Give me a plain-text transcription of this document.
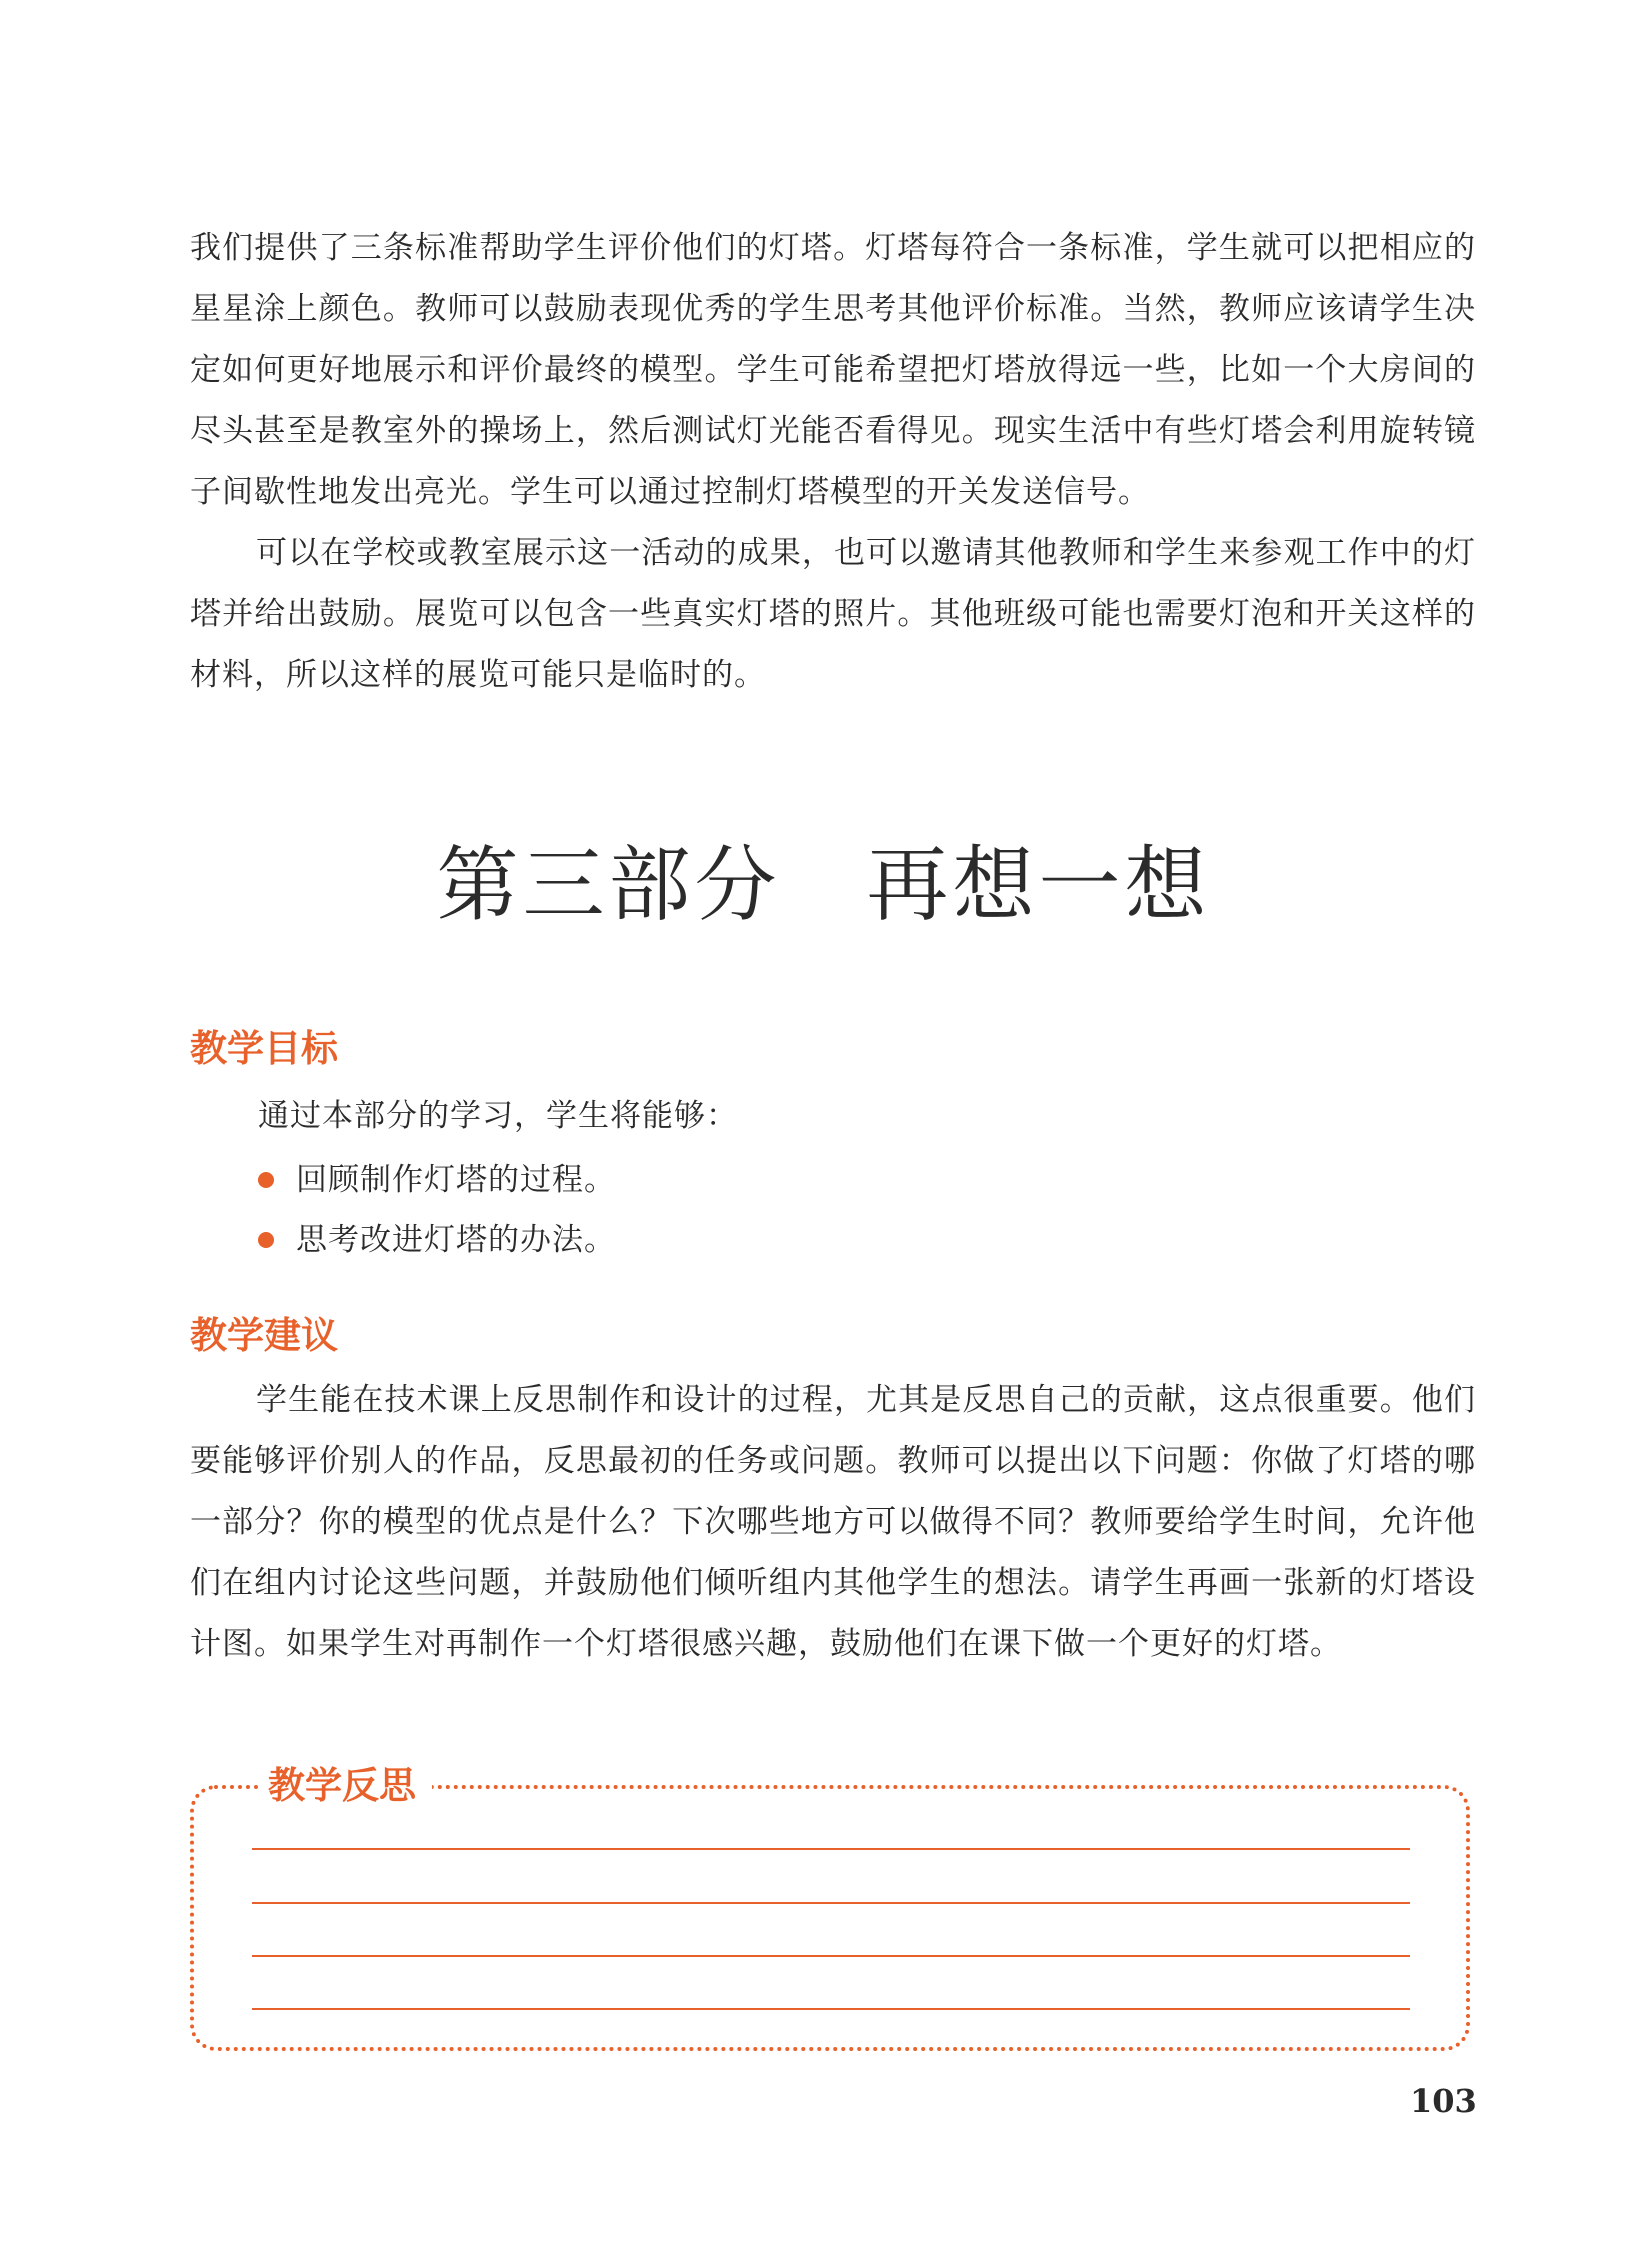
我们提供了三条标准帮助学生评价他们的灯塔。灯塔每符合一条标准，学生就可以把相应的星星涂上颜色。教师可以鼓励表现优秀的学生思考其他评价标准。当然，教师应该请学生决定如何更好地展示和评价最终的模型。学生可能希望把灯塔放得远一些，比如一个大房间的尽头甚至是教室外的操场上，然后测试灯光能否看得见。现实生活中有些灯塔会利用旋转镜子间歇性地发出亮光。学生可以通过控制灯塔模型的开关发送信号。

可以在学校或教室展示这一活动的成果，也可以邀请其他教师和学生来参观工作中的灯塔并给出鼓励。展览可以包含一些真实灯塔的照片。其他班级可能也需要灯泡和开关这样的材料，所以这样的展览可能只是临时的。

第三部分　再想一想
教学目标

通过本部分的学习，学生将能够：

回顾制作灯塔的过程。
思考改进灯塔的办法。
教学建议

学生能在技术课上反思制作和设计的过程，尤其是反思自己的贡献，这点很重要。他们要能够评价别人的作品，反思最初的任务或问题。教师可以提出以下问题：你做了灯塔的哪一部分？你的模型的优点是什么？下次哪些地方可以做得不同？教师要给学生时间，允许他们在组内讨论这些问题，并鼓励他们倾听组内其他学生的想法。请学生再画一张新的灯塔设计图。如果学生对再制作一个灯塔很感兴趣，鼓励他们在课下做一个更好的灯塔。

教学反思
103
